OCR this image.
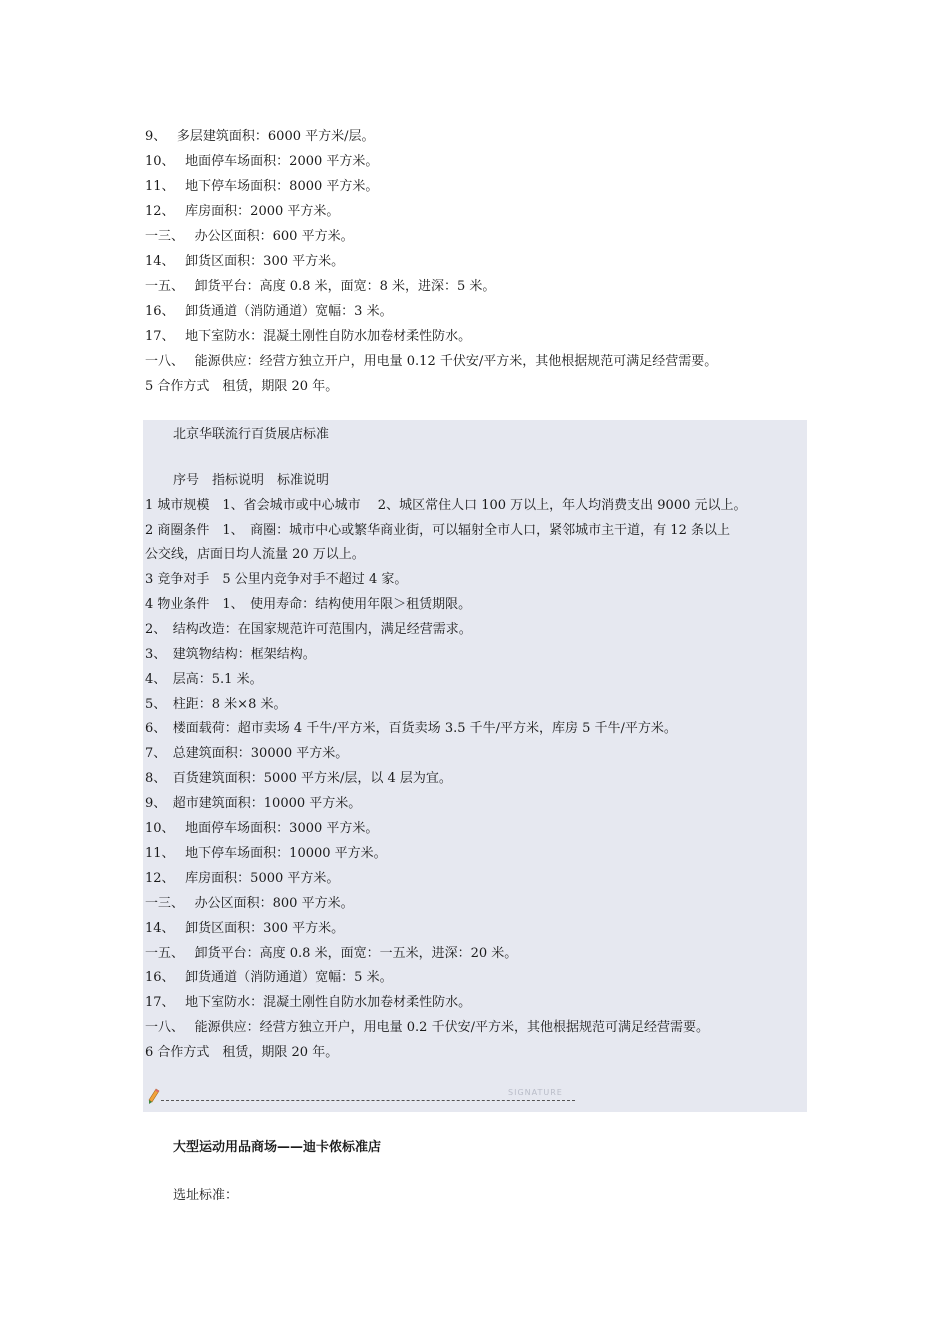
9、　 多层建筑面积：6000 平方米/层。
10、　 地面停车场面积：2000 平方米。
11、　 地下停车场面积：8000 平方米。
12、　 库房面积：2000 平方米。
一三、　 办公区面积：600 平方米。
14、　 卸货区面积：300 平方米。
一五、　 卸货平台：高度 0.8 米，面宽：8 米，进深：5 米。
16、　 卸货通道（消防通道）宽幅：3 米。
17、　 地下室防水：混凝土刚性自防水加卷材柔性防水。
一八、　 能源供应：经营方独立开户，用电量 0.12 千伏安/平方米，其他根据规范可满足经营需要。
5 合作方式　租赁，期限 20 年。
北京华联流行百货展店标准
序号　指标说明　标准说明
1 城市规模　1、省会城市或中心城市　 2、城区常住人口 100 万以上，年人均消费支出 9000 元以上。
2 商圈条件　1、　商圈：城市中心或繁华商业街，可以辐射全市人口，紧邻城市主干道，有 12 条以上
公交线，店面日均人流量 20 万以上。
3 竞争对手　5 公里内竞争对手不超过 4 家。
4 物业条件　1、　使用寿命：结构使用年限＞租赁期限。
2、　结构改造：在国家规范许可范围内，满足经营需求。
3、　建筑物结构：框架结构。
4、　层高：5.1 米。
5、　柱距：8 米×8 米。
6、　楼面载荷：超市卖场 4 千牛/平方米，百货卖场 3.5 千牛/平方米，库房 5 千牛/平方米。
7、　总建筑面积：30000 平方米。
8、　百货建筑面积：5000 平方米/层，以 4 层为宜。
9、　超市建筑面积：10000 平方米。
10、　 地面停车场面积：3000 平方米。
11、　 地下停车场面积：10000 平方米。
12、　 库房面积：5000 平方米。
一三、　 办公区面积：800 平方米。
14、　 卸货区面积：300 平方米。
一五、　 卸货平台：高度 0.8 米，面宽：一五米，进深：20 米。
16、　 卸货通道（消防通道）宽幅：5 米。
17、　 地下室防水：混凝土刚性自防水加卷材柔性防水。
一八、　 能源供应：经营方独立开户，用电量 0.2 千伏安/平方米，其他根据规范可满足经营需要。
6 合作方式　租赁，期限 20 年。
SIGNATURE
大型运动用品商场——迪卡侬标准店
选址标准：
